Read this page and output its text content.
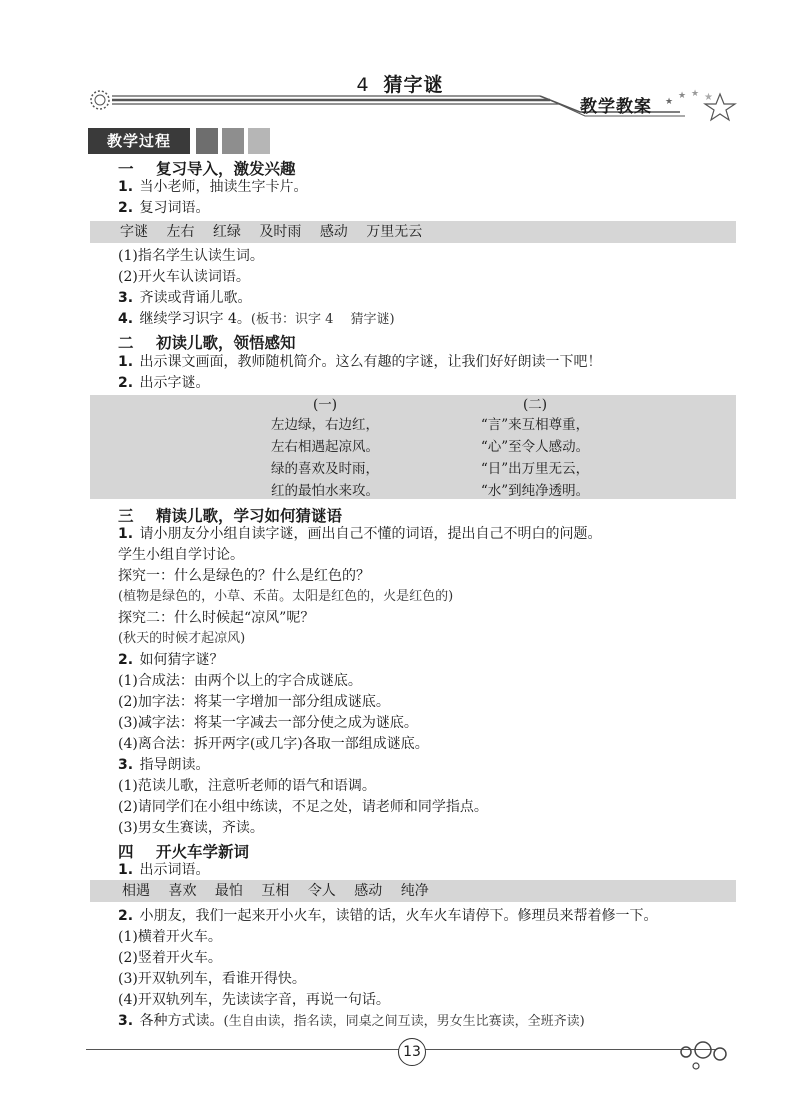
4 猜字谜
★
★ ★ ★
教学教案
教学过程
一 复习导入，激发兴趣
1. 当小老师，抽读生字卡片。
2. 复习词语。
字谜 左右 红绿 及时雨 感动 万里无云
(1)指名学生认读生词。
(2)开火车认读词语。
3. 齐读或背诵儿歌。
4. 继续学习识字 4。(板书：识字 4　 猜字谜)
二 初读儿歌，领悟感知
1. 出示课文画面，教师随机简介。这么有趣的字谜，让我们好好朗读一下吧！
2. 出示字谜。
(一)
左边绿，右边红，
左右相遇起凉风。
绿的喜欢及时雨，
红的最怕水来攻。
(二)
“言”来互相尊重，
“心”至令人感动。
“日”出万里无云，
“水”到纯净透明。
三 精读儿歌，学习如何猜谜语
1. 请小朋友分小组自读字谜，画出自己不懂的词语，提出自己不明白的问题。
学生小组自学讨论。
探究一：什么是绿色的？什么是红色的？
(植物是绿色的，小草、禾苗。太阳是红色的，火是红色的)
探究二：什么时候起“凉风”呢？
(秋天的时候才起凉风)
2. 如何猜字谜？
(1)合成法：由两个以上的字合成谜底。
(2)加字法：将某一字增加一部分组成谜底。
(3)减字法：将某一字减去一部分使之成为谜底。
(4)离合法：拆开两字(或几字)各取一部组成谜底。
3. 指导朗读。
(1)范读儿歌，注意听老师的语气和语调。
(2)请同学们在小组中练读，不足之处，请老师和同学指点。
(3)男女生赛读，齐读。
四 开火车学新词
1. 出示词语。
相遇 喜欢 最怕 互相 令人 感动 纯净
2. 小朋友，我们一起来开小火车，读错的话，火车火车请停下。修理员来帮着修一下。
(1)横着开火车。
(2)竖着开火车。
(3)开双轨列车，看谁开得快。
(4)开双轨列车，先读读字音，再说一句话。
3. 各种方式读。(生自由读，指名读，同桌之间互读，男女生比赛读，全班齐读)
13
